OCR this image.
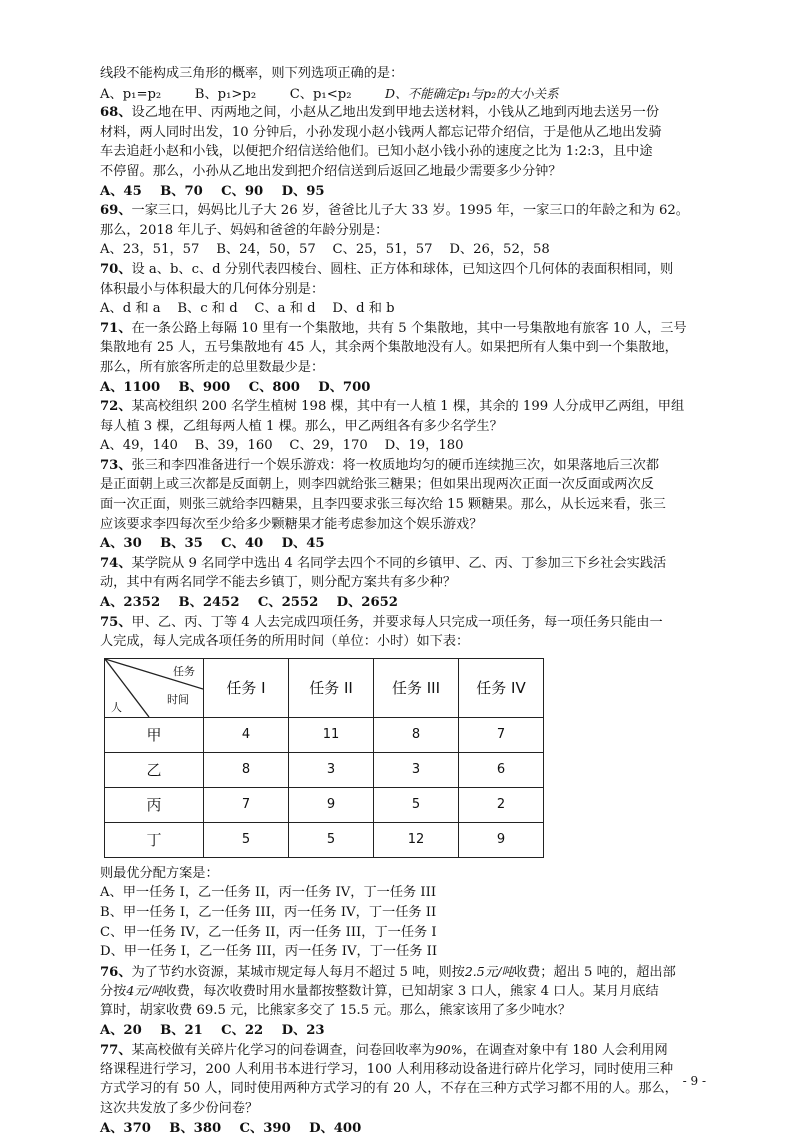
线段不能构成三角形的概率，则下列选项正确的是：
A、p₁=p₂	B、p₁>p₂	C、p₁<p₂	D、不能确定p₁与p₂的大小关系
68、设乙地在甲、丙两地之间，小赵从乙地出发到甲地去送材料，小钱从乙地到丙地去送另一份
材料，两人同时出发，10 分钟后，小孙发现小赵小钱两人都忘记带介绍信，于是他从乙地出发骑
车去追赶小赵和小钱，以便把介绍信送给他们。已知小赵小钱小孙的速度之比为 1:2:3，且中途
不停留。那么，小孙从乙地出发到把介绍信送到后返回乙地最少需要多少分钟？
A、45    B、70    C、90    D、95
69、一家三口，妈妈比儿子大 26 岁，爸爸比儿子大 33 岁。1995 年，一家三口的年龄之和为 62。
那么，2018 年儿子、妈妈和爸爸的年龄分别是：
A、23，51，57    B、24，50，57    C、25，51，57    D、26，52，58
70、设 a、b、c、d 分别代表四棱台、圆柱、正方体和球体，已知这四个几何体的表面积相同，则
体积最小与体积最大的几何体分别是：
A、d 和 a    B、c 和 d    C、a 和 d    D、d 和 b
71、在一条公路上每隔 10 里有一个集散地，共有 5 个集散地，其中一号集散地有旅客 10 人，三号
集散地有 25 人，五号集散地有 45 人，其余两个集散地没有人。如果把所有人集中到一个集散地，
那么，所有旅客所走的总里数最少是：
A、1100    B、900    C、800    D、700
72、某高校组织 200 名学生植树 198 棵，其中有一人植 1 棵，其余的 199 人分成甲乙两组，甲组
每人植 3 棵，乙组每两人植 1 棵。那么，甲乙两组各有多少名学生？
A、49，140    B、39，160    C、29，170    D、19，180
73、张三和李四准备进行一个娱乐游戏：将一枚质地均匀的硬币连续抛三次，如果落地后三次都
是正面朝上或三次都是反面朝上，则李四就给张三糖果；但如果出现两次正面一次反面或两次反
面一次正面，则张三就给李四糖果，且李四要求张三每次给 15 颗糖果。那么，从长远来看，张三
应该要求李四每次至少给多少颗糖果才能考虑参加这个娱乐游戏？
A、30    B、35    C、40    D、45
74、某学院从 9 名同学中选出 4 名同学去四个不同的乡镇甲、乙、丙、丁参加三下乡社会实践活
动，其中有两名同学不能去乡镇丁，则分配方案共有多少种？
A、2352    B、2452    C、2552    D、2652
75、甲、乙、丙、丁等 4 人去完成四项任务，并要求每人只完成一项任务，每一项任务只能由一
人完成，每人完成各项任务的所用时间（单位：小时）如下表：
任务
时间
人	任务 I	任务 II	任务 III	任务 IV
甲	4	11	8	7
乙	8	3	3	6
丙	7	9	5	2
丁	5	5	12	9
则最优分配方案是：
A、甲一任务 I，乙一任务 II，丙一任务 IV，丁一任务 III
B、甲一任务 I，乙一任务 III，丙一任务 IV，丁一任务 II
C、甲一任务 IV，乙一任务 II，丙一任务 III，丁一任务 I
D、甲一任务 I，乙一任务 III，丙一任务 IV，丁一任务 II
76、为了节约水资源，某城市规定每人每月不超过 5 吨，则按2.5元/吨收费；超出 5 吨的，超出部
分按4元/吨收费，每次收费时用水量都按整数计算，已知胡家 3 口人，熊家 4 口人。某月月底结
算时，胡家收费 69.5 元，比熊家多交了 15.5 元。那么，熊家该用了多少吨水？
A、20    B、21    C、22    D、23
77、某高校做有关碎片化学习的问卷调查，问卷回收率为90%，在调查对象中有 180 人会利用网
络课程进行学习，200 人利用书本进行学习，100 人利用移动设备进行碎片化学习，同时使用三种
方式学习的有 50 人，同时使用两种方式学习的有 20 人，不存在三种方式学习都不用的人。那么，
这次共发放了多少份问卷？
A、370    B、380    C、390    D、400
- 9 -
